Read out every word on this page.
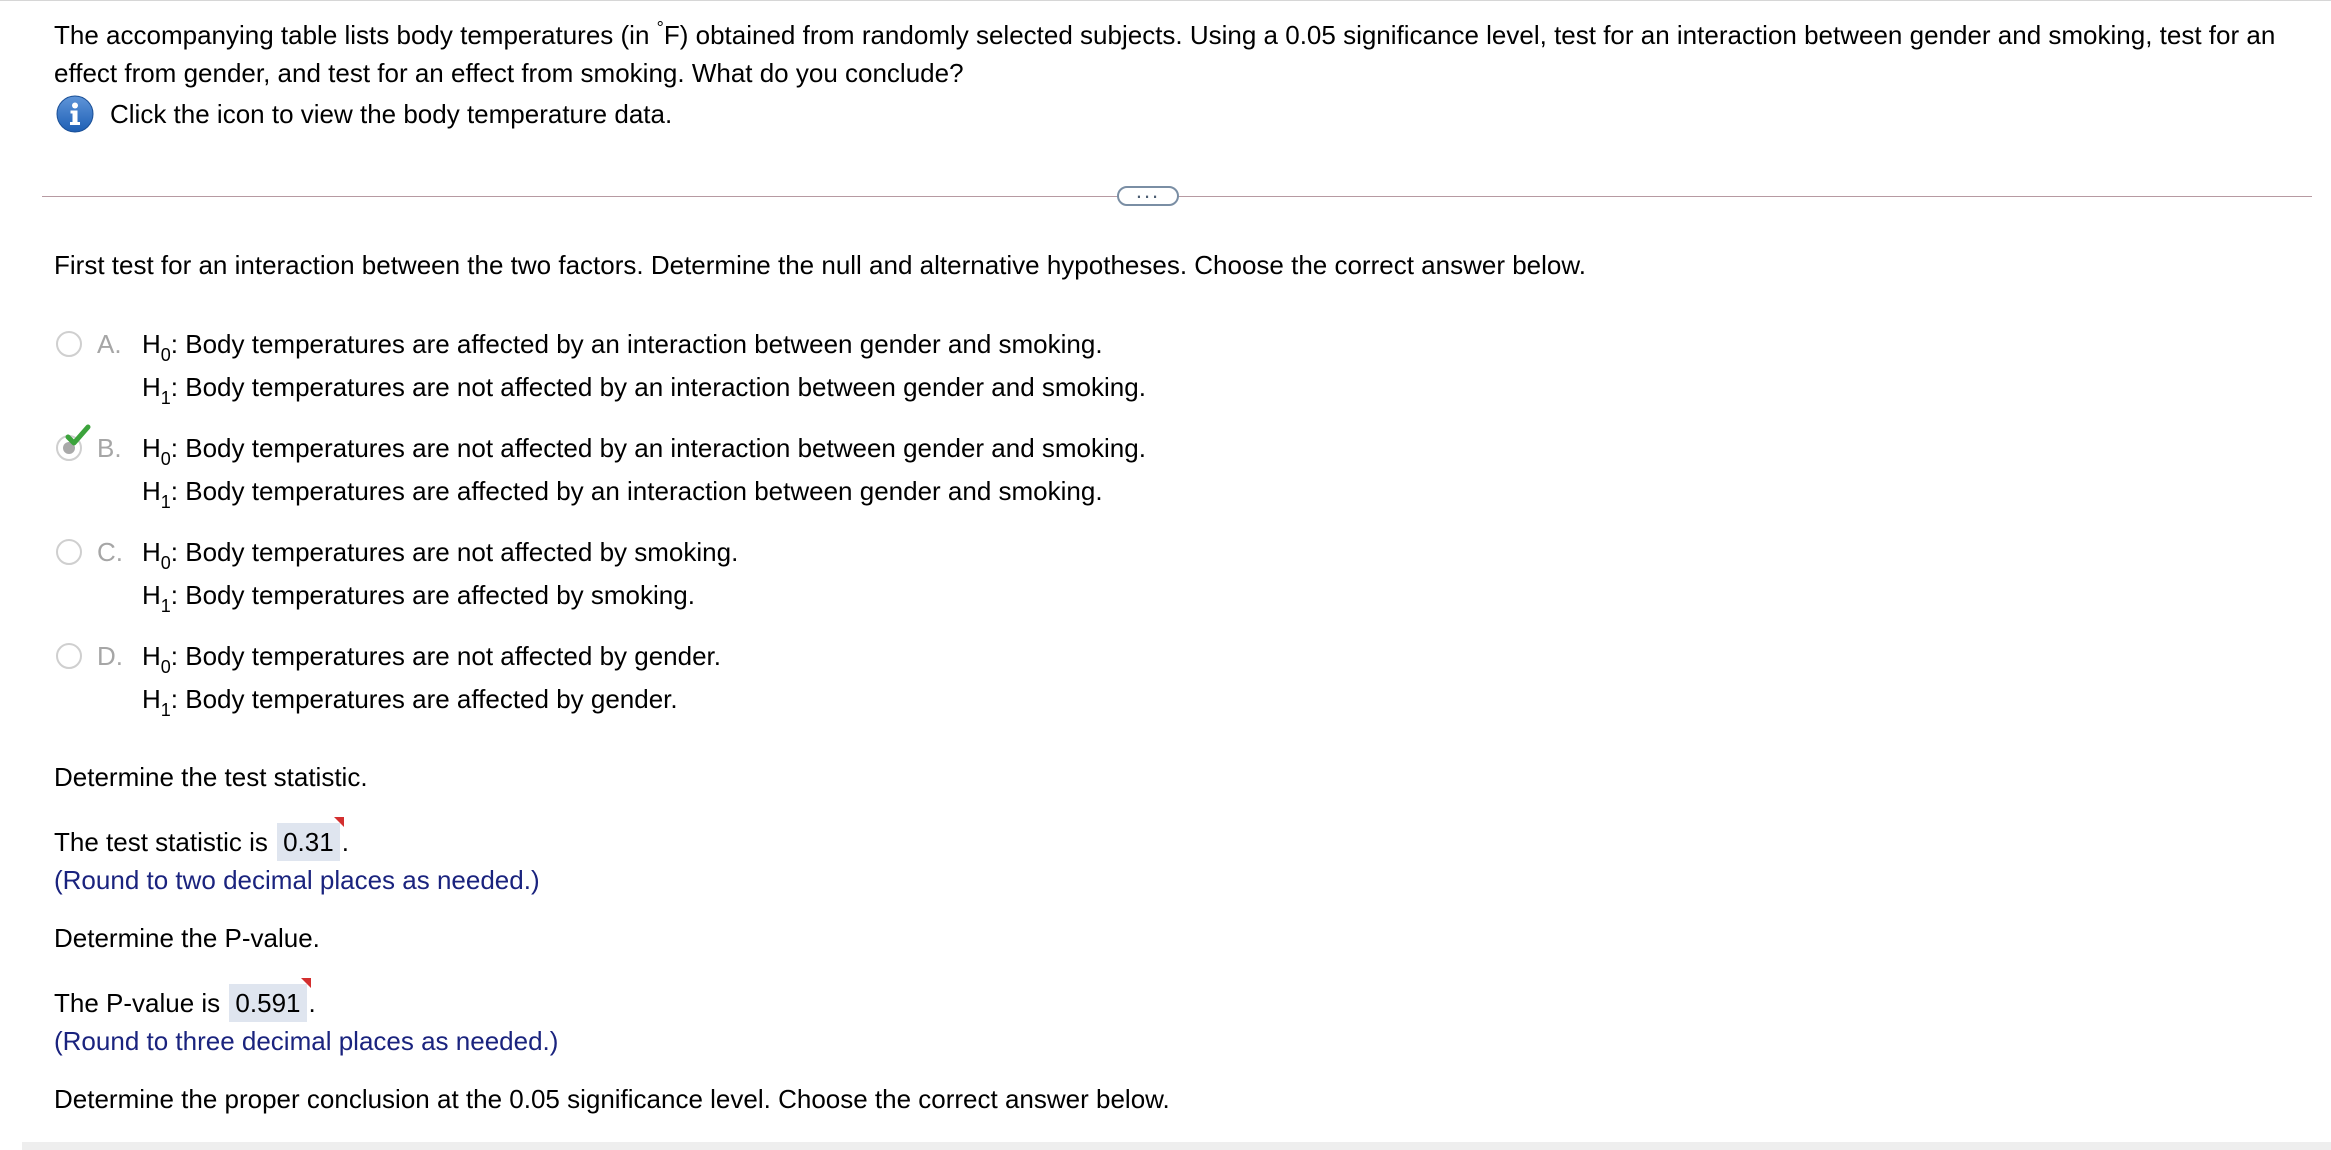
The accompanying table lists body temperatures (in °F) obtained from randomly selected subjects. Using a 0.05 significance level, test for an interaction between gender and smoking, test for an effect from gender, and test for an effect from smoking. What do you conclude?
Click the icon to view the body temperature data.
...
First test for an interaction between the two factors. Determine the null and alternative hypotheses. Choose the correct answer below.
A. $H_0$: Body temperatures are affected by an interaction between gender and smoking.
$H_1$: Body temperatures are not affected by an interaction between gender and smoking.
B. $H_0$: Body temperatures are not affected by an interaction between gender and smoking.
$H_1$: Body temperatures are affected by an interaction between gender and smoking.
C. $H_0$: Body temperatures are not affected by smoking.
$H_1$: Body temperatures are affected by smoking.
D. $H_0$: Body temperatures are not affected by gender.
$H_1$: Body temperatures are affected by gender.
Determine the test statistic.
The test statistic is 0.31 .
(Round to two decimal places as needed.)
Determine the P-value.
The P-value is 0.591 .
(Round to three decimal places as needed.)
Determine the proper conclusion at the 0.05 significance level. Choose the correct answer below.
